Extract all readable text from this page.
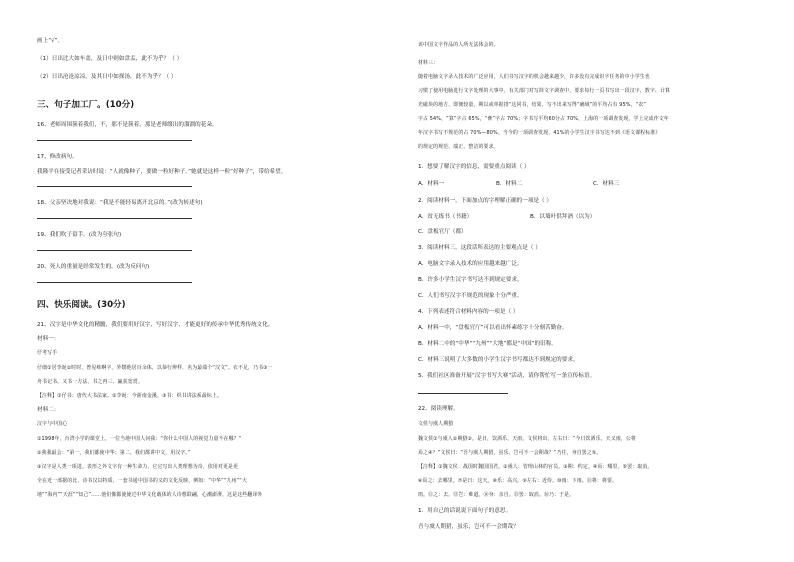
画上“√”。
（1）日出比大如车盖，及日中则如盘盂，此不为乎？（ ）
（2）日出沧沧凉凉，及其日中如探汤，此不为乎？（ ）
三、句子加工厂。(10分)
16、老师周围簇着我们，不，那不是簇着，那是老师缀出的溜溜的花朵。
17、修改病句。
我隆平在接受记者采访时说：“人就像种子，要做一粒好种子。”她就是这样一粒“好种子”，带给希望。
18、父亲坚决地对我说：“我是不能轻易离开北京的。”(改为转述句)
19、我们吹子留手。(改为夸张句)
20、死人的重量是经常发生的。(改为反问句)
四、快乐阅读。(30分)
21、汉字是中华文化的精髓，我们要用好汉字，写好汉字，才能更好的传承中华优秀传统文化。
材料一：
仔考写手
仔细①居李诞②时时，曾见练啊字。外甥他居百余体，以恭行辨样，名为最端个“汉文”。衣不足，乃书③一
舟书记书，又书一方法，书之再三，赢获宽赏。
【注释】①仔书：唐代大书法家。②李诞：今浙南金溪。③书：织书讲法系最标上。
材料二：
汉字与中国心
①1998年，台湾小学的课堂上，一位当地中国人问我：“你什么中国人的视觉力量不在哪？”
②我我最会：“第一，我们都使中华；第二，我们都讲中文，用汉字。”
③汉字是人类一项进。表形之外文字有一种生命力，它它写出人类理想为奇，依用对更是更
全在近一部据的比，诗书汉以特质，一套书通中国书的义的文化反映，例如：“中华”“九州”“大
地”“海内”“天涯”“知己”……他们像都使使过中华文化载体的人诗想联翩，心潮澎湃，这是这些翻译外
该中国文字作品的人所无法体会的。
材料三：
随着电脑文字录入技术的广泛应用，人们书写汉字的机会越来越少，许多没有完成识字任务的中小学生也
习惯了使用电脑进行文字处理的大事中，有关部门对写简文字调查中，要求每行一页书写出一段汉字、数字、计算
光磁块的地方，即便较量，期以或单据排“这同书，结果，写不出来写得“确域”的平均占有 95%，“农”
字占 54%，“算”字占 65%，“膏”字占 70%；字书写平均60分占 70%，上海的一项调查发现，学上完成作文年
年汉字书写不规范的占 70%—80%。当今的一项调查发现，41%的小学生汉字书写达不到《语文课程标准》
的规定的规范、端正、整洁的要求。
1．想要了解汉字的信息，需要重点阅读（ ）
A．材料一	B．材料二	C．材料三
2．阅读材料一，下面加点的字理解正确的一项是（ ）
A．贫无练书（书籍）	B．以墙叶供拜酒（以为）
C．盘板官厅（都）
3．阅读材料三，这段话所表达的主要观点是（ ）
A．电脑文字录入技术的应用越来越广泛。
B．许多小学生汉字书写达不到规定要求。
C．人们书写汉字不规范的现象十分严重。
4．下列表述符合材料内容的一项是（ ）
A．材料一中，“盘板官厅”可以看出怀素练字十分刻苦勤奋。
B．材料二中的“中华”“九州”“大地”都是“中国”的旧称。
C．材料三说明了大多数的小学生汉字书写都达不到规定的要求。
5．我们社区准备开展“汉字书写大赛”活动，请你帮忙写一条宣传标语。
22、阅读理解。
文侯与虞人期猎
魏文侯①与虞人②期猎③。是日，饮酒乐，天雨。文侯将出，左右曰：“今日饮酒乐，天又雨，公将
焉之④？”文侯曰：“吾与虞人期猎，虽乐，岂可不一会期哉？”乃往，身自罢之⑤。
【注释】①魏文侯：战国时魏国国君。②虞人：管理山林的官员。③期：约定。④焉：哪里。⑤罢：取消。
⑥焉之：去哪里。⑦是日：这天。⑧乐：高兴。⑨左右：近侍。⑩雨：下雨。⑪将：将要。
雨。⑫之：去。⑬岂：难道。⑭身：亲自。⑮罢：取消。⑯乃：于是。
1．用自己的话说说下面句子的意思。
吾与虞人期猎，虽乐，岂可不一会期哉？
